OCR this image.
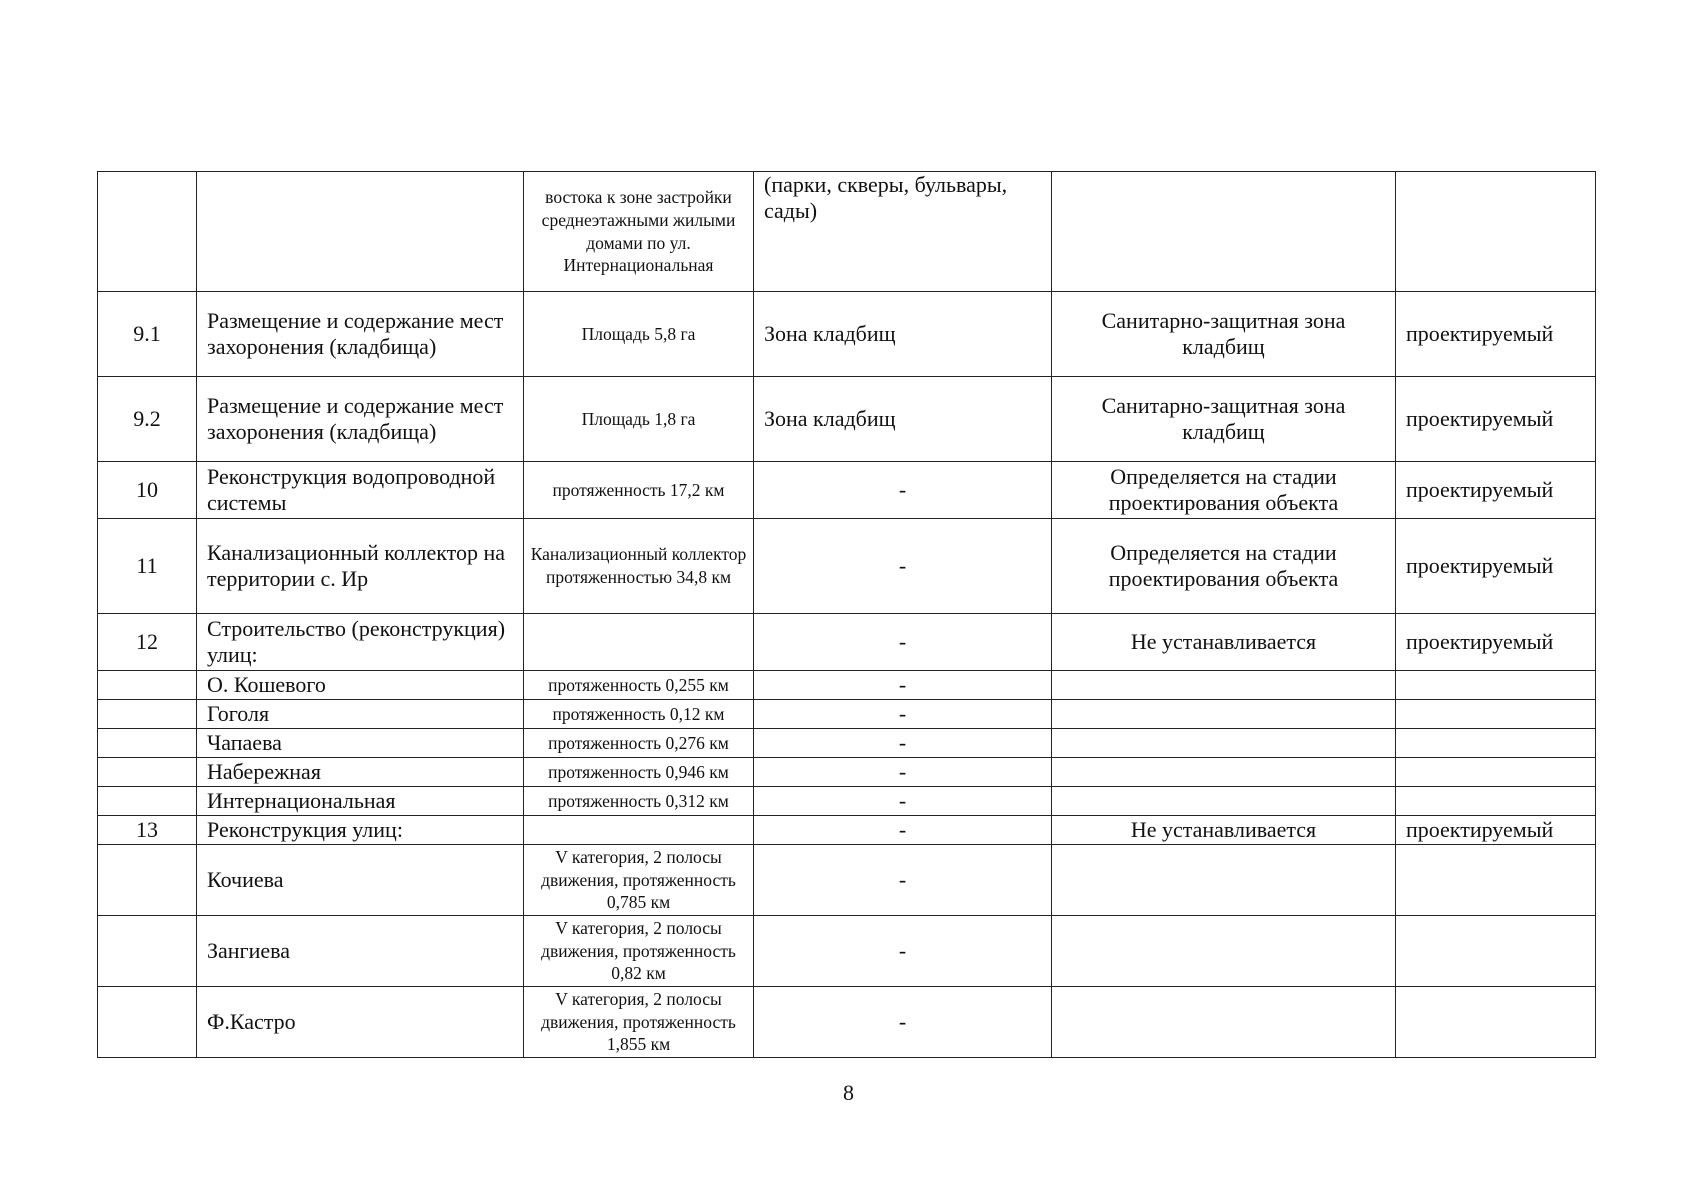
		востока к зоне застройки среднеэтажными жилыми домами по ул. Интернациональная	(парки, скверы, бульвары, сады)		
9.1	Размещение и содержание мест захоронения (кладбища)	Площадь 5,8 га	Зона кладбищ	Санитарно-защитная зона кладбищ	проектируемый
9.2	Размещение и содержание мест захоронения (кладбища)	Площадь 1,8 га	Зона кладбищ	Санитарно-защитная зона кладбищ	проектируемый
10	Реконструкция водопроводной системы	протяженность 17,2 км	-	Определяется на стадии проектирования объекта	проектируемый
11	Канализационный коллектор на территории с. Ир	Канализационный коллектор протяженностью 34,8 км	-	Определяется на стадии проектирования объекта	проектируемый
12	Строительство (реконструкция) улиц:		-	Не устанавливается	проектируемый
	О. Кошевого	протяженность 0,255 км	-		
	Гоголя	протяженность 0,12 км	-		
	Чапаева	протяженность 0,276 км	-		
	Набережная	протяженность 0,946 км	-		
	Интернациональная	протяженность 0,312 км	-		
13	Реконструкция улиц:		-	Не устанавливается	проектируемый
	Кочиева	V категория, 2 полосы движения, протяженность 0,785 км	-		
	Зангиева	V категория, 2 полосы движения, протяженность 0,82 км	-		
	Ф.Кастро	V категория, 2 полосы движения, протяженность 1,855 км	-		
8
